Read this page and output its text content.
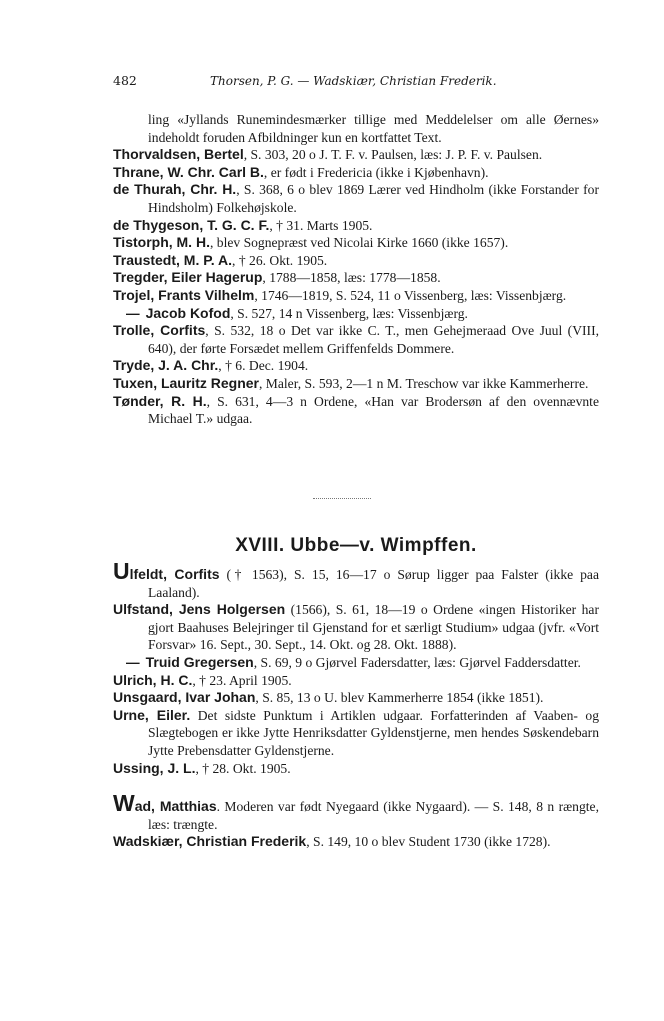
482	Thorsen, P. G. — Wadskiær, Christian Frederik.

ling «Jyllands Runemindesmærker tillige med Meddelelser om alle Øernes» indeholdt foruden Afbildninger kun en kortfattet Text.

Thorvaldsen, Bertel, S. 303, 20 o J. T. F. v. Paulsen, læs: J. P. F. v. Paulsen.

Thrane, W. Chr. Carl B., er født i Fredericia (ikke i Kjøbenhavn).

de Thurah, Chr. H., S. 368, 6 o blev 1869 Lærer ved Hindholm (ikke Forstander for Hindsholm) Folkehøjskole.

de Thygeson, T. G. C. F., † 31. Marts 1905.

Tistorph, M. H., blev Sognepræst ved Nicolai Kirke 1660 (ikke 1657).

Traustedt, M. P. A., † 26. Okt. 1905.

Tregder, Eiler Hagerup, 1788—1858, læs: 1778—1858.

Trojel, Frants Vilhelm, 1746—1819, S. 524, 11 o Vissenberg, læs: Vissenbjærg.

— Jacob Kofod, S. 527, 14 n Vissenberg, læs: Vissenbjærg.

Trolle, Corfits, S. 532, 18 o Det var ikke C. T., men Gehejmeraad Ove Juul (VIII, 640), der førte Forsædet mellem Griffenfelds Dommere.

Tryde, J. A. Chr., † 6. Dec. 1904.

Tuxen, Lauritz Regner, Maler, S. 593, 2—1 n M. Treschow var ikke Kammerherre.

Tønder, R. H., S. 631, 4—3 n Ordene, «Han var Brodersøn af den ovennævnte Michael T.» udgaa.

XVIII. Ubbe—v. Wimpffen.

Ulfeldt, Corfits († 1563), S. 15, 16—17 o Sørup ligger paa Falster (ikke paa Laaland).

Ulfstand, Jens Holgersen (1566), S. 61, 18—19 o Ordene «ingen Historiker har gjort Baahuses Belejringer til Gjenstand for et særligt Studium» udgaa (jvfr. «Vort Forsvar» 16. Sept., 30. Sept., 14. Okt. og 28. Okt. 1888).

— Truid Gregersen, S. 69, 9 o Gjørvel Fadersdatter, læs: Gjørvel Faddersdatter.

Ulrich, H. C., † 23. April 1905.

Unsgaard, Ivar Johan, S. 85, 13 o U. blev Kammerherre 1854 (ikke 1851).

Urne, Eiler. Det sidste Punktum i Artiklen udgaar. Forfatterinden af Vaaben- og Slægtebogen er ikke Jytte Henriksdatter Gyldenstjerne, men hendes Søskendebarn Jytte Prebensdatter Gyldenstjerne.

Ussing, J. L., † 28. Okt. 1905.

Wad, Matthias. Moderen var født Nyegaard (ikke Nygaard). — S. 148, 8 n rængte, læs: trængte.

Wadskiær, Christian Frederik, S. 149, 10 o blev Student 1730 (ikke 1728).
